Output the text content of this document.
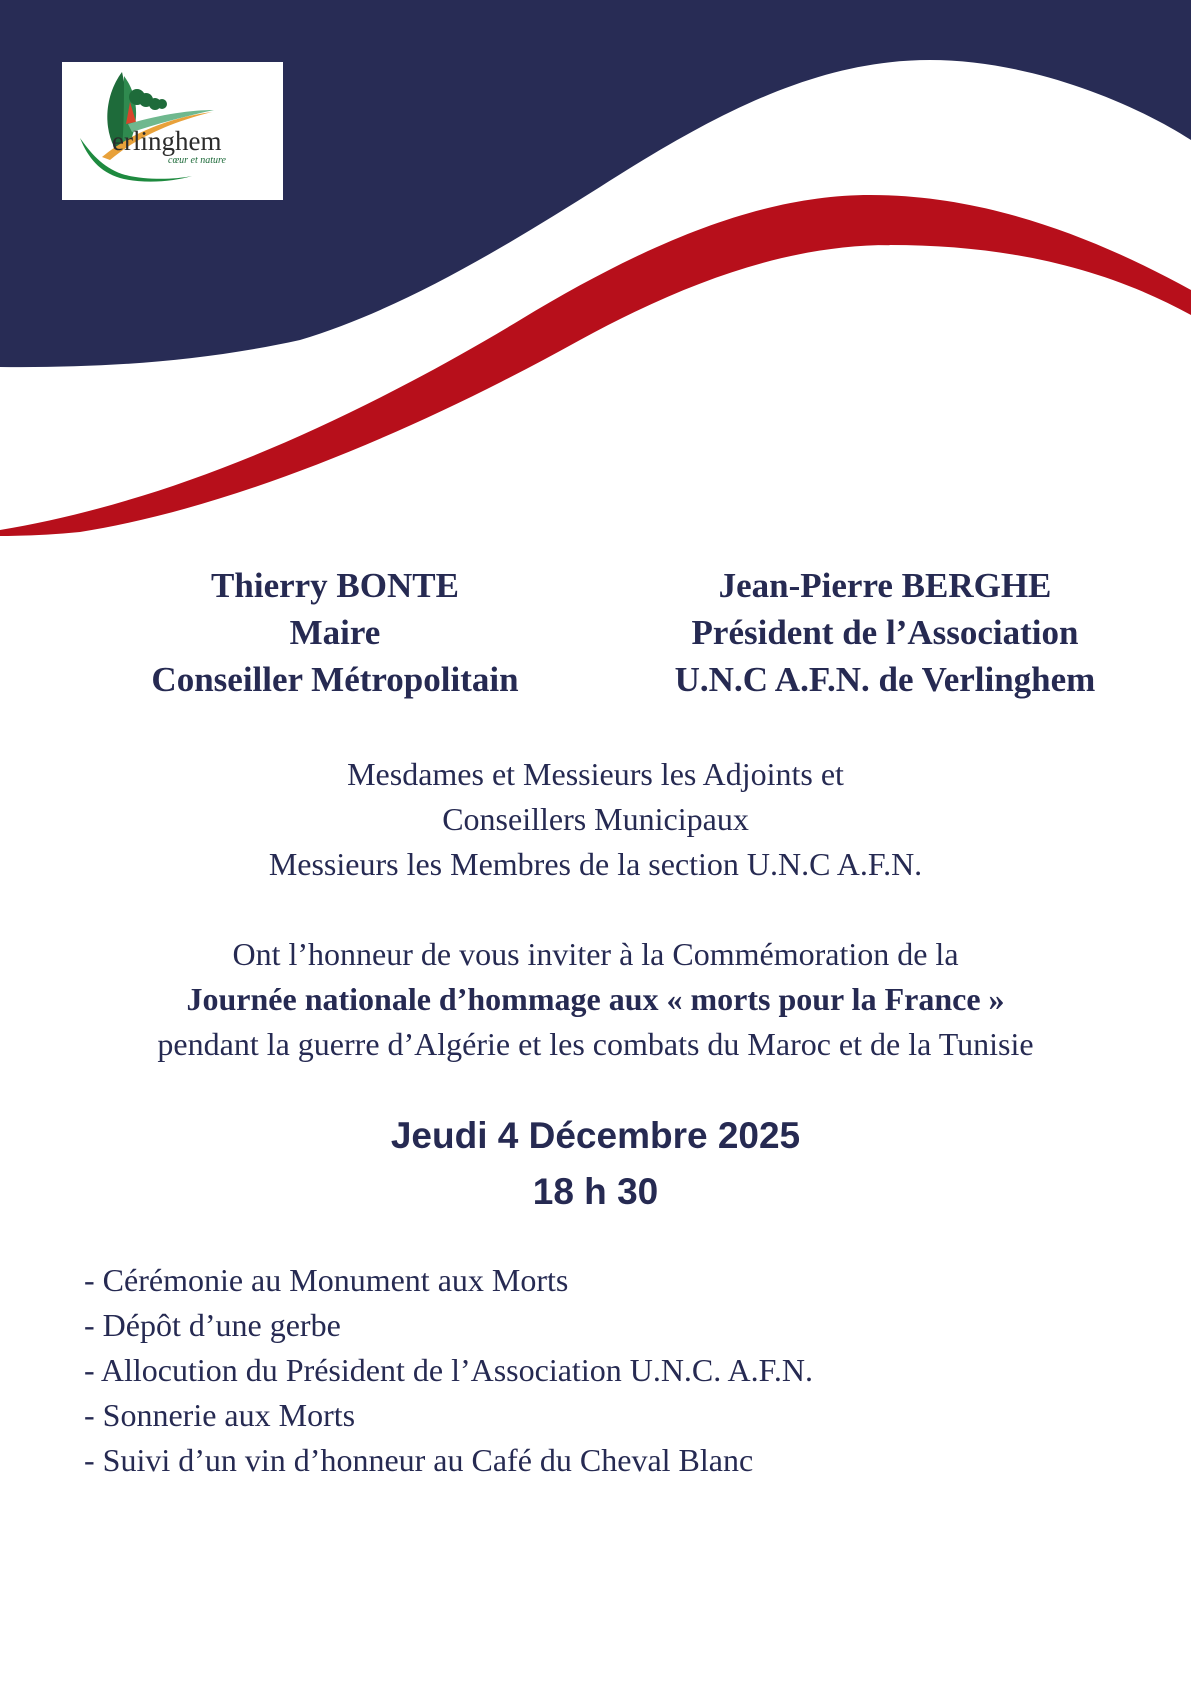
erlinghem
cœur et nature
Thierry BONTE
Maire
Conseiller Métropolitain
Jean-Pierre BERGHE
Président de l’Association
U.N.C A.F.N. de Verlinghem
Mesdames et Messieurs les Adjoints et
Conseillers Municipaux
Messieurs les Membres de la section U.N.C A.F.N.
Ont l’honneur de vous inviter à la Commémoration de la
Journée nationale d’hommage aux « morts pour la France »
pendant la guerre d’Algérie et les combats du Maroc et de la Tunisie
Jeudi 4 Décembre 2025
18 h 30
- Cérémonie au Monument aux Morts
- Dépôt d’une gerbe
- Allocution du Président de l’Association U.N.C. A.F.N.
- Sonnerie aux Morts
- Suivi d’un vin d’honneur au Café du Cheval Blanc
